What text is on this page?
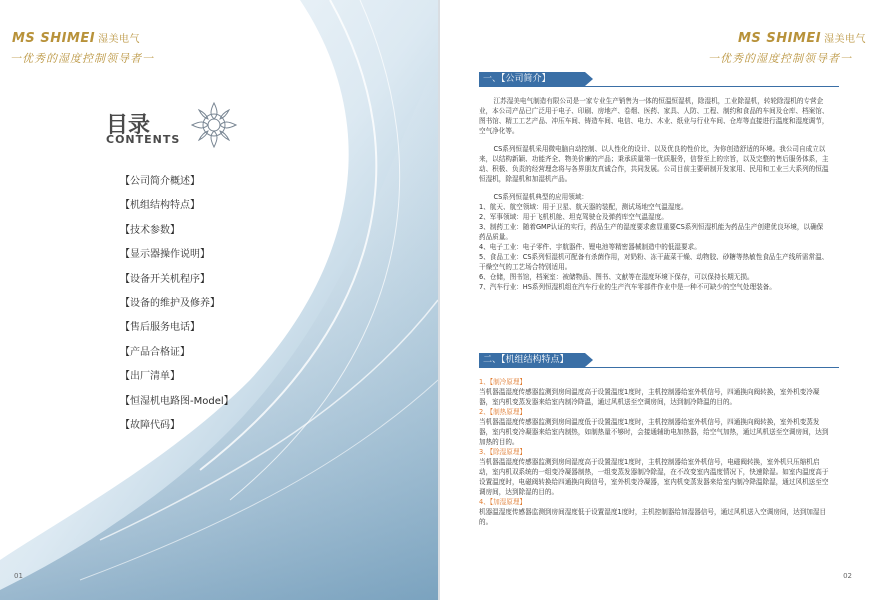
MS SHIMEI 湿美电气
一优秀的湿度控制领导者一
目录
CONTENTS
【公司简介概述】
【机组结构特点】
【技术参数】
【显示器操作说明】
【设备开关机程序】
【设备的维护及修养】
【售后服务电话】
【产品合格证】
【出厂清单】
【恒湿机电路图-Model】
【故障代码】
01
MS SHIMEI 湿美电气
一优秀的湿度控制领导者一
02
一、【公司简介】

江苏湿美电气制造有限公司是一家专业生产销售为一体的恒温恒湿机，除湿机，工业除湿机，转轮除湿机的专营企业，本公司产品已广泛用于电子、印刷、房地产、卷烟、医药、家具、人防、工程、制约和食品的车间及仓库、档案馆、图书馆、精工工艺产品、冲压车间、铸造车间、电信、电力、木业、纸业与行业车间、仓库等直接进行温度和湿度调节，空气净化等。

CS系列恒湿机采用微电脑自动控制、以人性化的设计、以及优良的性价比，为你创造舒适的环境。我公司自成立以来，以结构新颖、功能齐全、物美价廉的产品；秉承质量第一优质服务，信誉至上的宗旨，以及完整的售后服务体系，主动、积极、负责的经营理念将与各界朋友真诚合作，共同发展。公司目前主要研制开发家用、民用和工业三大系列的恒温恒湿机，除湿机和加湿机产品。

CS系列恒湿机典型的应用领域：

1、航天、航空领域：用于卫星、航天器的装配，测试场地空气温湿度。

2、军事领域：用于飞机机舱、坦克驾驶仓及弹药库空气温湿度。

3、制药工业：随着GMP认证的实行，药品生产的湿度要求愈显重要CS系列恒湿机能为药品生产创建优良环境，以确保药品质量。

4、电子工业：电子零件、宇航器件、锂电池等精密器械制造中的低湿要求。

5、食品工业：CS系列恒湿机可配备有杀菌作用，对奶粉、冻干蔬菜干燥、动物胶、砂糖等热敏性食品生产线所需常温、干燥空气的工艺场合特别适用。

6、仓储，图书馆，档案室：被储物品、图书、文献等在湿度环境下保存，可以保持长期无损。

7、汽车行业：HS系列恒湿机组在汽车行业的生产汽车零部件作业中是一种不可缺少的空气处理装备。

二、【机组结构特点】

1、【制冷原理】

当机器温湿度传感器监测到房间温度高于设置温度1度时，主机控制器给室外机信号，四通换向阀转换，室外机变冷凝器，室内机变蒸发器来给室内制冷降温，通过风机送至空调房间，达到制冷降温的目的。

2、【制热原理】

当机器温湿度传感器监测到房间温度低于设置温度1度时，主机控制器给室外机信号，四通换向阀转换，室外机变蒸发器，室内机变冷凝器来给室内制热，如制热量不够时，会接通辅助电加热器，给空气加热，通过风机送至空调房间，达到加热的目的。

3、【除湿原理】

当机器温湿度传感器监测到房间湿度高于设置湿度1度时，主机控制器给室外机信号，电磁阀转换，室外机只压缩机启动，室内机双系统的一组变冷凝器制热，一组变蒸发器制冷除湿，在不改变室内温度情况下，快速除湿。如室内温度高于设置温度时，电磁阀转换给四通换向阀信号，室外机变冷凝器，室内机变蒸发器来给室内制冷降温除湿，通过风机送至空调房间，达到除湿的目的。

4、【加湿原理】

机器温湿度传感器监测到房间湿度低于设置湿度1度时，主机控制器给加湿器信号，通过风机送入空调房间，达到加湿目的。
